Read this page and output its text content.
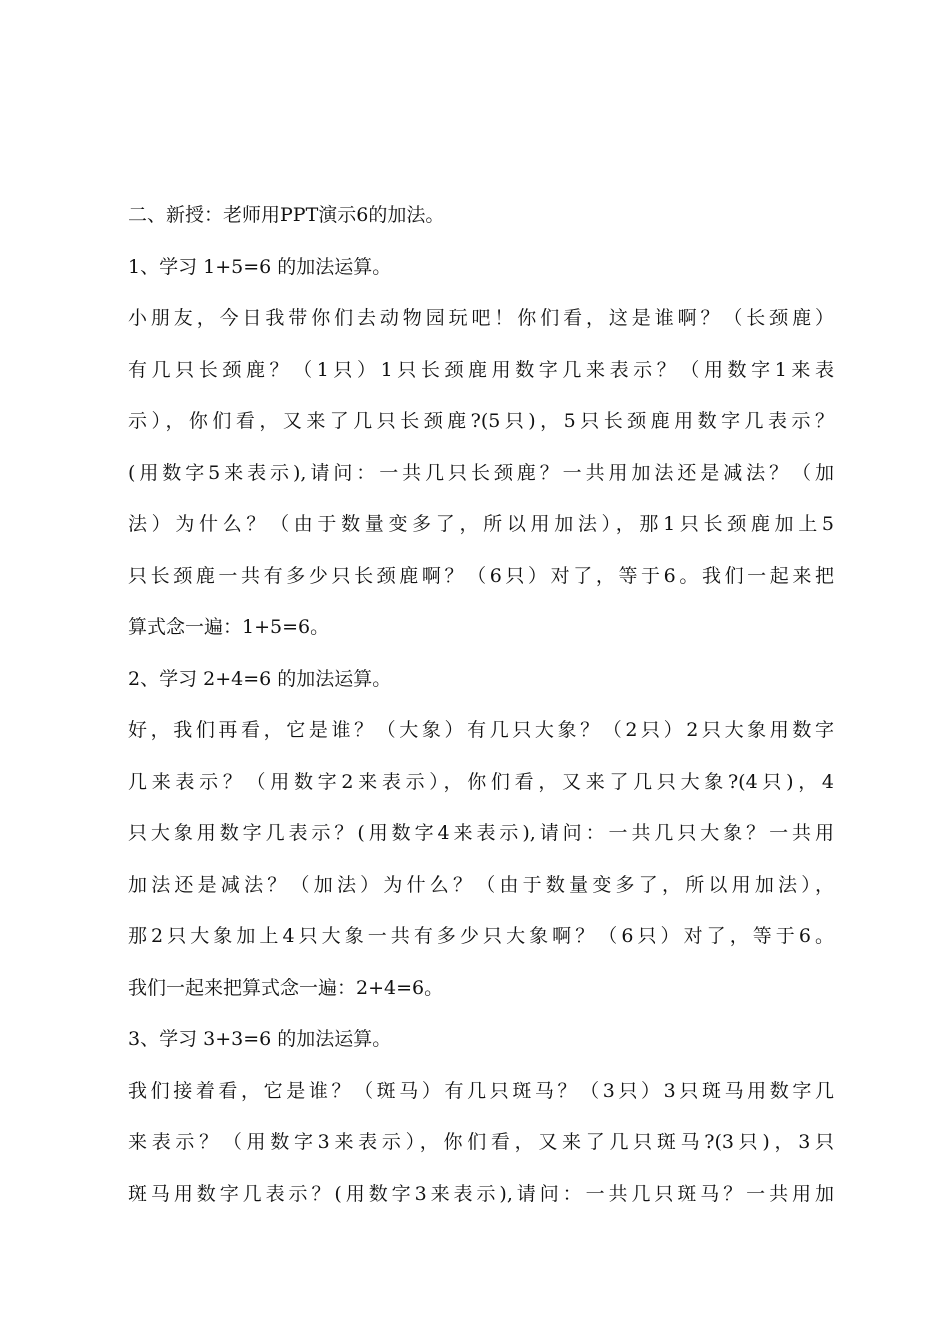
二、新授：老师用PPT演示6的加法。
1、学习 1+5=6 的加法运算。
小朋友，今日我带你们去动物园玩吧！你们看，这是谁啊？（长颈鹿）
有几只长颈鹿？（1只）1只长颈鹿用数字几来表示？（用数字1来表
示），你们看，又来了几只长颈鹿?(5只)，5只长颈鹿用数字几表示？
(用数字5来表示),请问：一共几只长颈鹿？一共用加法还是减法？（加
法）为什么？（由于数量变多了，所以用加法），那1只长颈鹿加上5
只长颈鹿一共有多少只长颈鹿啊？（6只）对了，等于6。我们一起来把
算式念一遍：1+5=6。
2、学习 2+4=6 的加法运算。
好，我们再看，它是谁？（大象）有几只大象？（2只）2只大象用数字
几来表示？（用数字2来表示），你们看，又来了几只大象?(4只)，4
只大象用数字几表示？(用数字4来表示),请问：一共几只大象？一共用
加法还是减法？（加法）为什么？（由于数量变多了，所以用加法），
那2只大象加上4只大象一共有多少只大象啊？（6只）对了，等于6。
我们一起来把算式念一遍：2+4=6。
3、学习 3+3=6 的加法运算。
我们接着看，它是谁？（斑马）有几只斑马？（3只）3只斑马用数字几
来表示？（用数字3来表示），你们看，又来了几只斑马?(3只)，3只
斑马用数字几表示？(用数字3来表示),请问：一共几只斑马？一共用加
